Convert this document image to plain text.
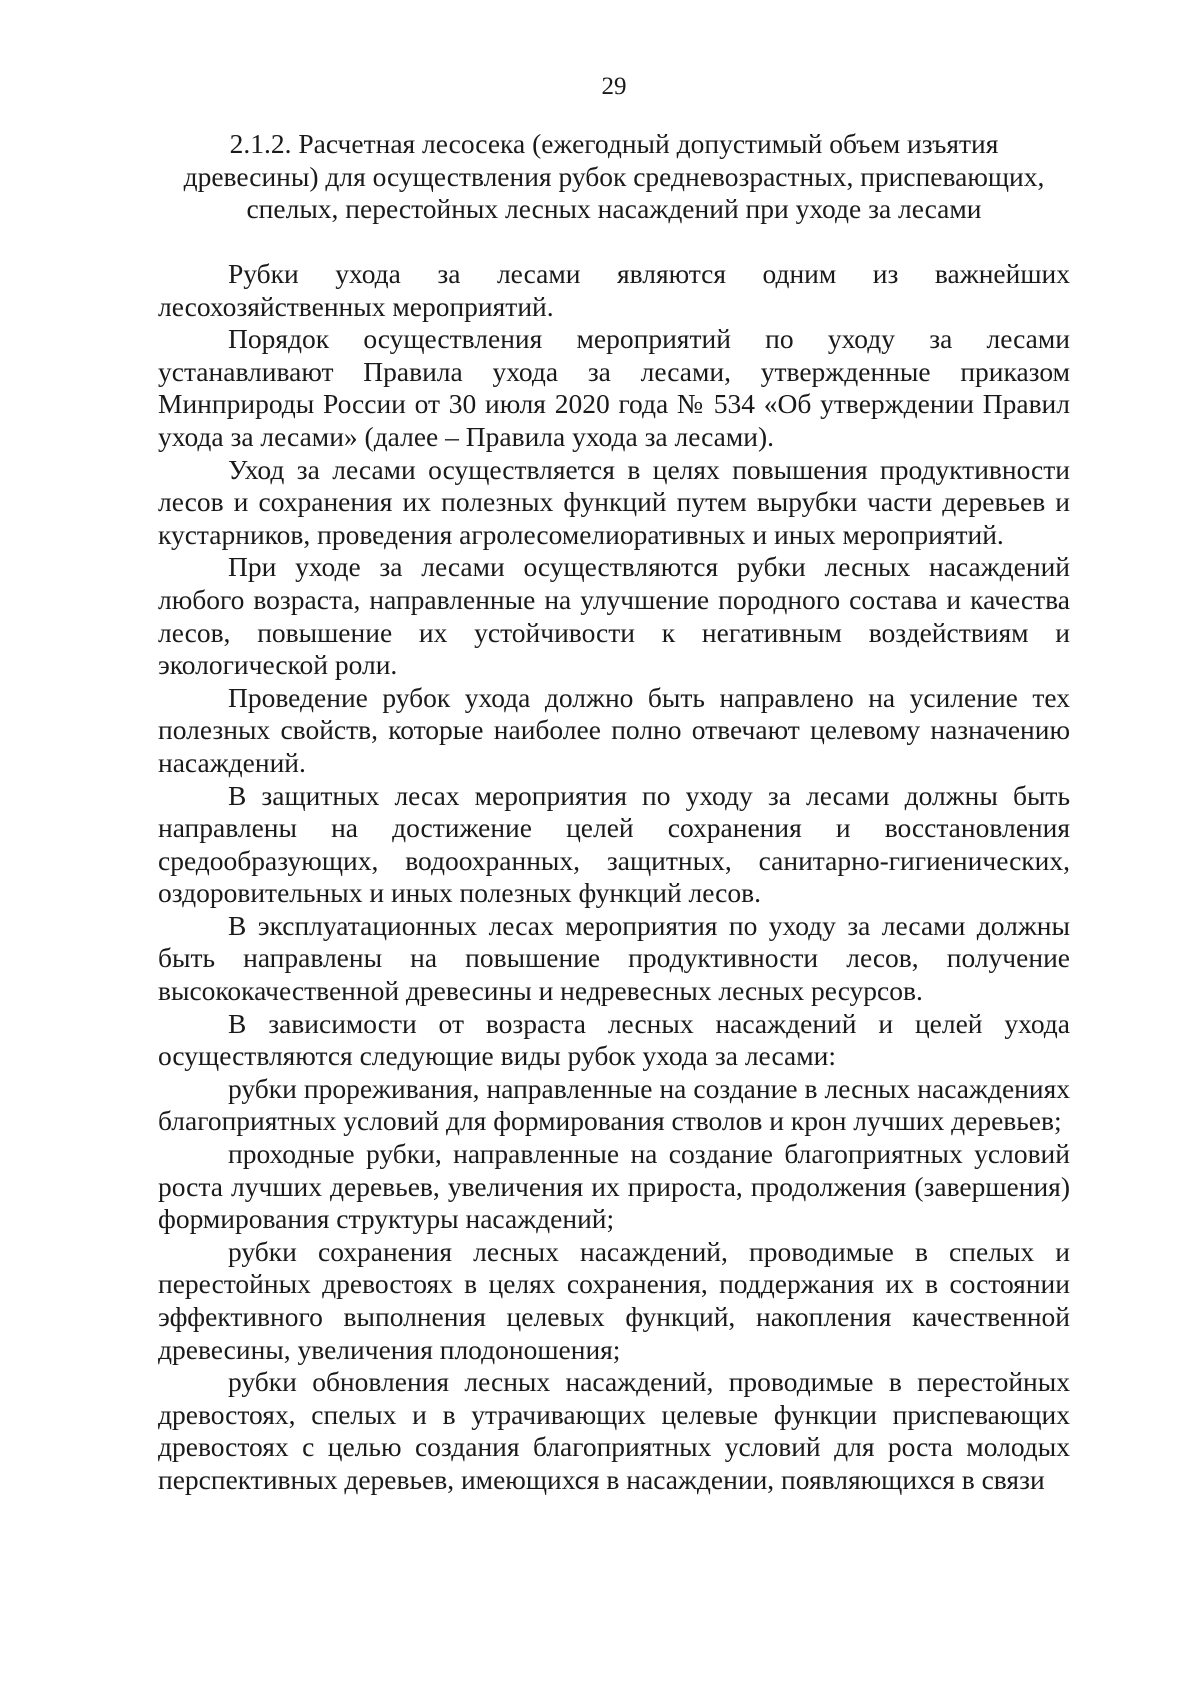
29
2.1.2. Расчетная лесосека (ежегодный допустимый объем изъятия
древесины) для осуществления рубок средневозрастных, приспевающих,
спелых, перестойных лесных насаждений при уходе за лесами

Рубки ухода за лесами являются одним из важнейших лесохозяйственных мероприятий.

Порядок осуществления мероприятий по уходу за лесами устанавливают Правила ухода за лесами, утвержденные приказом Минприроды России от 30 июля 2020 года № 534 «Об утверждении Правил ухода за лесами» (далее – Правила ухода за лесами).

Уход за лесами осуществляется в целях повышения продуктивности лесов и сохранения их полезных функций путем вырубки части деревьев и кустарников, проведения агролесомелиоративных и иных мероприятий.

При уходе за лесами осуществляются рубки лесных насаждений любого возраста, направленные на улучшение породного состава и качества лесов, повышение их устойчивости к негативным воздействиям и экологической роли.

Проведение рубок ухода должно быть направлено на усиление тех полезных свойств, которые наиболее полно отвечают целевому назначению насаждений.

В защитных лесах мероприятия по уходу за лесами должны быть направлены на достижение целей сохранения и восстановления средообразующих, водоохранных, защитных, санитарно-гигиенических, оздоровительных и иных полезных функций лесов.

В эксплуатационных лесах мероприятия по уходу за лесами должны быть направлены на повышение продуктивности лесов, получение высококачественной древесины и недревесных лесных ресурсов.

В зависимости от возраста лесных насаждений и целей ухода осуществляются следующие виды рубок ухода за лесами:

рубки прореживания, направленные на создание в лесных насаждениях благоприятных условий для формирования стволов и крон лучших деревьев;

проходные рубки, направленные на создание благоприятных условий роста лучших деревьев, увеличения их прироста, продолжения (завершения) формирования структуры насаждений;

рубки сохранения лесных насаждений, проводимые в спелых и перестойных древостоях в целях сохранения, поддержания их в состоянии эффективного выполнения целевых функций, накопления качественной древесины, увеличения плодоношения;

рубки обновления лесных насаждений, проводимые в перестойных древостоях, спелых и в утрачивающих целевые функции приспевающих древостоях с целью создания благоприятных условий для роста молодых перспективных деревьев, имеющихся в насаждении, появляющихся в связи
